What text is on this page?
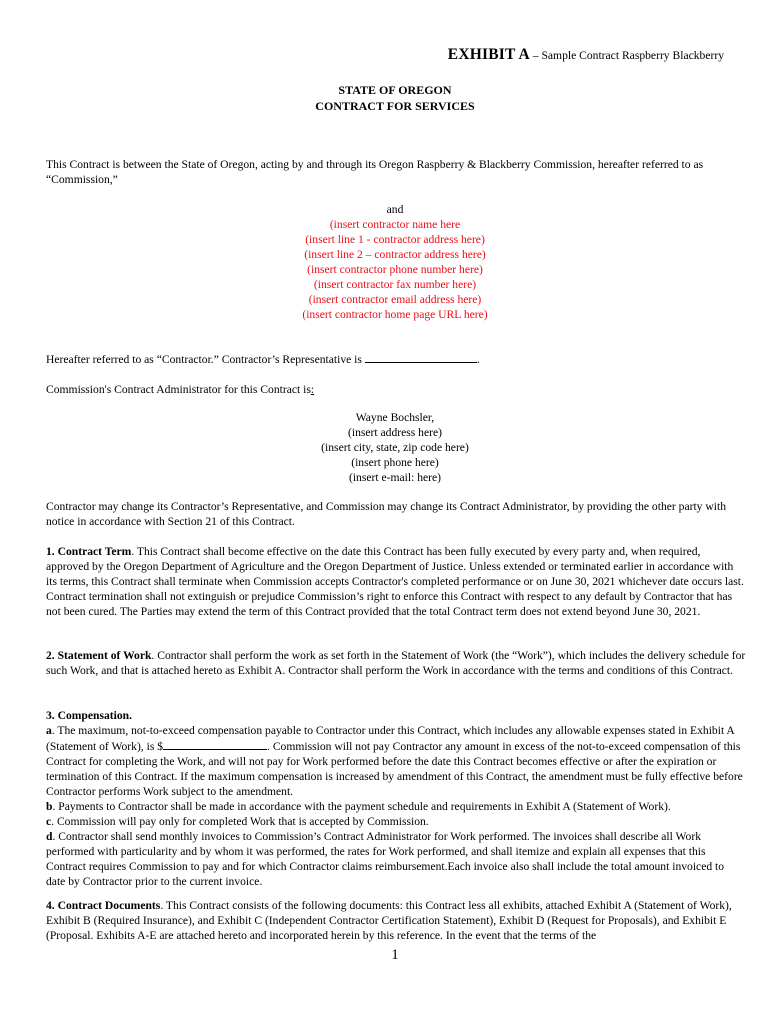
EXHIBIT A – Sample Contract Raspberry Blackberry
STATE OF OREGON
CONTRACT FOR SERVICES

This Contract is between the State of Oregon, acting by and through its Oregon Raspberry & Blackberry Commission, hereafter referred to as “Commission,”

and
(insert contractor name here
(insert line 1 - contractor address here)
(insert line 2 – contractor address here)
(insert contractor phone number here)
(insert contractor fax number here)
(insert contractor email address here)
(insert contractor home page URL here)

Hereafter referred to as “Contractor.” Contractor’s Representative is	.

Commission's Contract Administrator for this Contract is:

Wayne Bochsler,
(insert address here)
(insert city, state, zip code here)
(insert phone here)
(insert e-mail: here)

Contractor may change its Contractor’s Representative, and Commission may change its Contract Administrator, by providing the other party with notice in accordance with Section 21 of this Contract.

1. Contract Term. This Contract shall become effective on the date this Contract has been fully executed by every party and, when required, approved by the Oregon Department of Agriculture and the Oregon Department of Justice. Unless extended or terminated earlier in accordance with its terms, this Contract shall terminate when Commission accepts Contractor's completed performance or on June 30, 2021 whichever date occurs last. Contract termination shall not extinguish or prejudice Commission’s right to enforce this Contract with respect to any default by Contractor that has not been cured. The Parties may extend the term of this Contract provided that the total Contract term does not extend beyond June 30, 2021.

2. Statement of Work. Contractor shall perform the work as set forth in the Statement of Work (the “Work”), which includes the delivery schedule for such Work, and that is attached hereto as Exhibit A. Contractor shall perform the Work in accordance with the terms and conditions of this Contract.

3. Compensation.

a. The maximum, not-to-exceed compensation payable to Contractor under this Contract, which includes any allowable expenses stated in Exhibit A (Statement of Work), is $	. Commission will not pay Contractor any amount in excess of the not-to-exceed compensation of this Contract for completing the Work, and will not pay for Work performed before the date this Contract becomes effective or after the expiration or termination of this Contract. If the maximum compensation is increased by amendment of this Contract, the amendment must be fully effective before Contractor performs Work subject to the amendment.

b. Payments to Contractor shall be made in accordance with the payment schedule and requirements in Exhibit A (Statement of Work).

c. Commission will pay only for completed Work that is accepted by Commission.

d. Contractor shall send monthly invoices to Commission’s Contract Administrator for Work performed. The invoices shall describe all Work performed with particularity and by whom it was performed, the rates for Work performed, and shall itemize and explain all expenses that this Contract requires Commission to pay and for which Contractor claims reimbursement.Each invoice also shall include the total amount invoiced to date by Contractor prior to the current invoice.

4. Contract Documents. This Contract consists of the following documents: this Contract less all exhibits, attached Exhibit A (Statement of Work), Exhibit B (Required Insurance), and Exhibit C (Independent Contractor Certification Statement), Exhibit D (Request for Proposals), and Exhibit E (Proposal. Exhibits A-E are attached hereto and incorporated herein by this reference. In the event that the terms of the

1
